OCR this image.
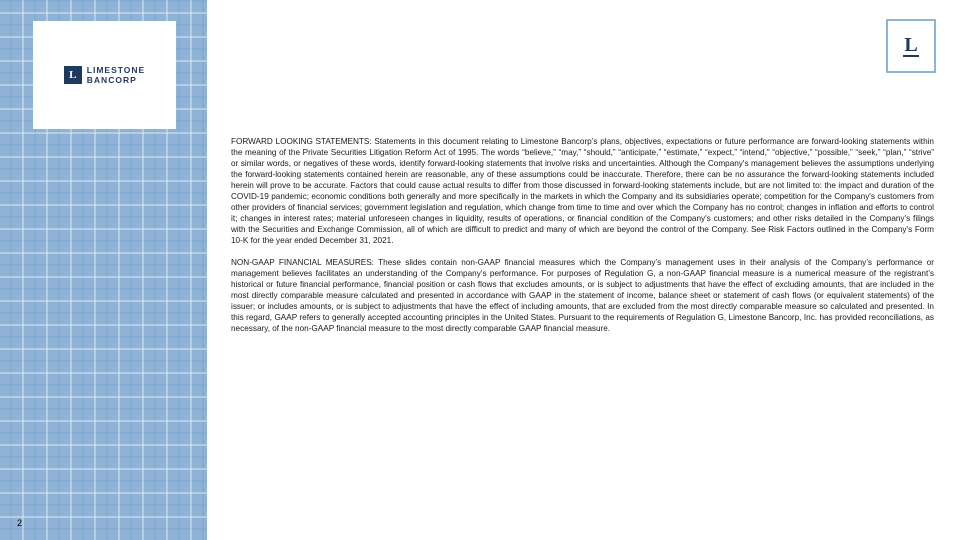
L	LIMESTONE
BANCORP
2
L

FORWARD LOOKING STATEMENTS: Statements in this document relating to Limestone Bancorp’s plans, objectives, expectations or future performance are forward-looking statements within the meaning of the Private Securities Litigation Reform Act of 1995. The words “believe,” “may,” “should,” “anticipate,” “estimate,” “expect,” “intend,” “objective,” “possible,” “seek,” “plan,” “strive” or similar words, or negatives of these words, identify forward-looking statements that involve risks and uncertainties. Although the Company's management believes the assumptions underlying the forward-looking statements contained herein are reasonable, any of these assumptions could be inaccurate. Therefore, there can be no assurance the forward-looking statements included herein will prove to be accurate. Factors that could cause actual results to differ from those discussed in forward-looking statements include, but are not limited to: the impact and duration of the COVID-19 pandemic; economic conditions both generally and more specifically in the markets in which the Company and its subsidiaries operate; competition for the Company's customers from other providers of financial services; government legislation and regulation, which change from time to time and over which the Company has no control; changes in inflation and efforts to control it; changes in interest rates; material unforeseen changes in liquidity, results of operations, or financial condition of the Company's customers; and other risks detailed in the Company's filings with the Securities and Exchange Commission, all of which are difficult to predict and many of which are beyond the control of the Company. See Risk Factors outlined in the Company's Form 10-K for the year ended December 31, 2021.

NON-GAAP FINANCIAL MEASURES: These slides contain non-GAAP financial measures which the Company’s management uses in their analysis of the Company’s performance or management believes facilitates an understanding of the Company’s performance. For purposes of Regulation G, a non-GAAP financial measure is a numerical measure of the registrant’s historical or future financial performance, financial position or cash flows that excludes amounts, or is subject to adjustments that have the effect of excluding amounts, that are included in the most directly comparable measure calculated and presented in accordance with GAAP in the statement of income, balance sheet or statement of cash flows (or equivalent statements) of the issuer; or includes amounts, or is subject to adjustments that have the effect of including amounts, that are excluded from the most directly comparable measure so calculated and presented. In this regard, GAAP refers to generally accepted accounting principles in the United States. Pursuant to the requirements of Regulation G, Limestone Bancorp, Inc. has provided reconciliations, as necessary, of the non-GAAP financial measure to the most directly comparable GAAP financial measure.
